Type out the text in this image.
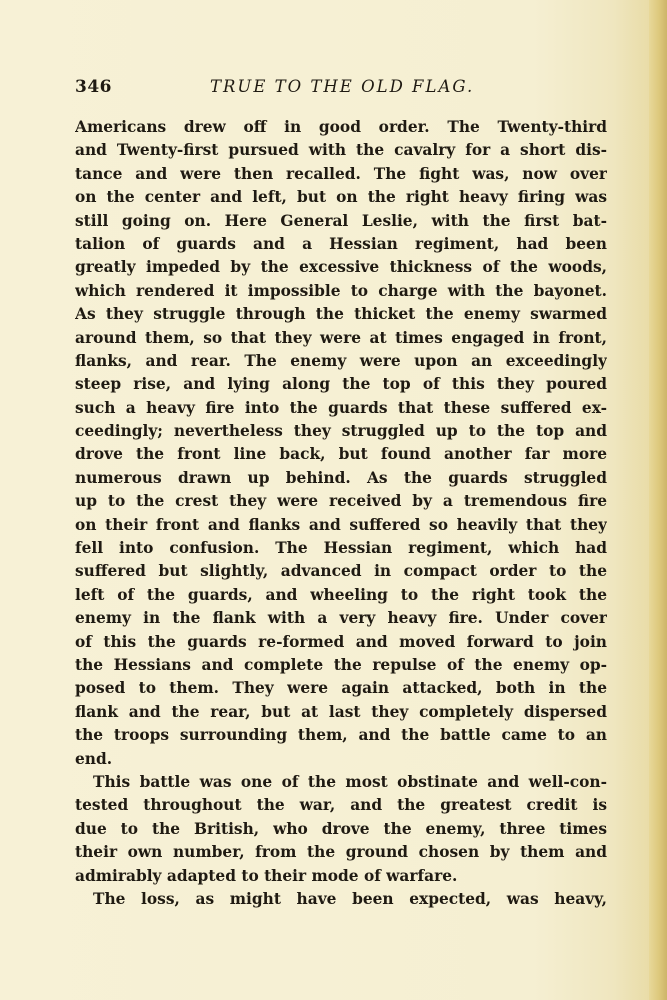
346	TRUE TO THE OLD FLAG.
Americans drew off in good order. The Twenty-third
and Twenty-first pursued with the cavalry for a short dis-
tance and were then recalled. The fight was, now over
on the center and left, but on the right heavy firing was
still going on. Here General Leslie, with the first bat-
talion of guards and a Hessian regiment, had been
greatly impeded by the excessive thickness of the woods,
which rendered it impossible to charge with the bayonet.
As they struggle through the thicket the enemy swarmed
around them, so that they were at times engaged in front,
flanks, and rear. The enemy were upon an exceedingly
steep rise, and lying along the top of this they poured
such a heavy fire into the guards that these suffered ex-
ceedingly; nevertheless they struggled up to the top and
drove the front line back, but found another far more
numerous drawn up behind. As the guards struggled
up to the crest they were received by a tremendous fire
on their front and flanks and suffered so heavily that they
fell into confusion. The Hessian regiment, which had
suffered but slightly, advanced in compact order to the
left of the guards, and wheeling to the right took the
enemy in the flank with a very heavy fire. Under cover
of this the guards re-formed and moved forward to join
the Hessians and complete the repulse of the enemy op-
posed to them. They were again attacked, both in the
flank and the rear, but at last they completely dispersed
the troops surrounding them, and the battle came to an
end.
This battle was one of the most obstinate and well-con-
tested throughout the war, and the greatest credit is
due to the British, who drove the enemy, three times
their own number, from the ground chosen by them and
admirably adapted to their mode of warfare.
The loss, as might have been expected, was heavy,
